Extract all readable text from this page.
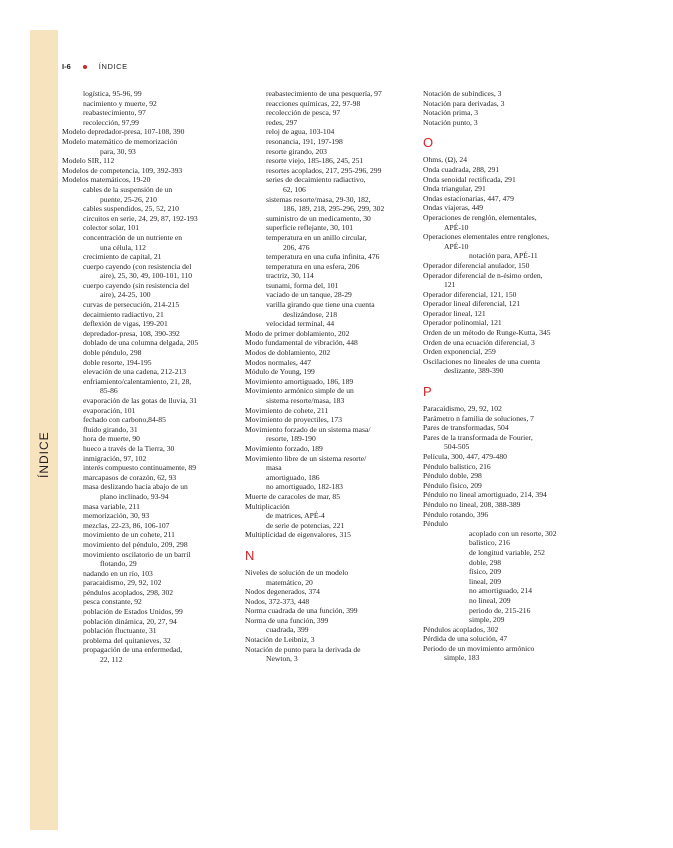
ÍNDICE
I-6	ÍNDICE
logística, 95-96, 99
nacimiento y muerte, 92
reabastecimiento, 97
recolección, 97,99
Modelo depredador-presa, 107-108, 390
Modelo matemático de memorización
para, 30, 93
Modelo SIR, 112
Modelos de competencia, 109, 392-393
Modelos matemáticos, 19-20
cables de la suspensión de un
puente, 25-26, 210
cables suspendidos, 25, 52, 210
circuitos en serie, 24, 29, 87, 192-193
colector solar, 101
concentración de un nutriente en
una célula, 112
crecimiento de capital, 21
cuerpo cayendo (con resistencia del
aire), 25, 30, 49, 100-101, 110
cuerpo cayendo (sin resistencia del
aire), 24-25, 100
curvas de persecución, 214-215
decaimiento radiactivo, 21
deflexión de vigas, 199-201
depredador-presa, 108, 390-392
doblado de una columna delgada, 205
doble péndulo, 298
doble resorte, 194-195
elevación de una cadena, 212-213
enfriamiento/calentamiento, 21, 28,
85-86
evaporación de las gotas de lluvia, 31
evaporación, 101
fechado con carbono,84-85
fluido girando, 31
hora de muerte, 90
hueco a través de la Tierra, 30
inmigración, 97, 102
interés compuesto continuamente, 89
marcapasos de corazón, 62, 93
masa deslizando hacia abajo de un
plano inclinado, 93-94
masa variable, 211
memorización, 30, 93
mezclas, 22-23, 86, 106-107
movimiento de un cohete, 211
movimiento del péndulo, 209, 298
movimiento oscilatorio de un barril
flotando, 29
nadando en un río, 103
paracaidismo, 29, 92, 102
péndulos acoplados, 298, 302
pesca constante, 92
población de Estados Unidos, 99
población dinámica, 20, 27, 94
población fluctuante, 31
problema del quitanieves, 32
propagación de una enfermedad,
22, 112
reabastecimiento de una pesquería, 97
reacciones químicas, 22, 97-98
recolección de pesca, 97
redes, 297
reloj de agua, 103-104
resonancia, 191, 197-198
resorte girando, 203
resorte viejo, 185-186, 245, 251
resortes acoplados, 217, 295-296, 299
series de decaimiento radiactivo,
62, 106
sistemas resorte/masa, 29-30, 182,
186, 189, 218, 295-296, 299, 302
suministro de un medicamento, 30
superficie reflejante, 30, 101
temperatura en un anillo circular,
206, 476
temperatura en una cuña infinita, 476
temperatura en una esfera, 206
tractriz, 30, 114
tsunami, forma del, 101
vaciado de un tanque, 28-29
varilla girando que tiene una cuenta
deslizándose, 218
velocidad terminal, 44
Modo de primer doblamiento, 202
Modo fundamental de vibración, 448
Modos de doblamiento, 202
Modos normales, 447
Módulo de Young, 199
Movimiento amortiguado, 186, 189
Movimiento armónico simple de un
sistema resorte/masa, 183
Movimiento de cohete, 211
Movimiento de proyectiles, 173
Movimiento forzado de un sistema masa/
resorte, 189-190
Movimiento forzado, 189
Movimiento libre de un sistema resorte/
masa
amortiguado, 186
no amortiguado, 182-183
Muerte de caracoles de mar, 85
Multiplicación
de matrices, APÉ-4
de serie de potencias, 221
Multiplicidad de eigenvalores, 315
N
Niveles de solución de un modelo
matemático, 20
Nodos degenerados, 374
Nodos, 372-373, 448
Norma cuadrada de una función, 399
Norma de una función, 399
cuadrada, 399
Notación de Leibniz, 3
Notación de punto para la derivada de
Newton, 3
Notación de subíndices, 3
Notación para derivadas, 3
Notación prima, 3
Notación punto, 3
O
Ohms, (Ω), 24
Onda cuadrada, 288, 291
Onda senoidal rectificada, 291
Onda triangular, 291
Ondas estacionarias, 447, 479
Ondas viajeras, 449
Operaciones de renglón, elementales,
APÉ-10
Operaciones elementales entre renglones,
APÉ-10
notación para, APÉ-11
Operador diferencial anulador, 150
Operador diferencial de n-ésimo orden,
121
Operador diferencial, 121, 150
Operador lineal diferencial, 121
Operador lineal, 121
Operador polinomial, 121
Orden de un método de Runge-Kutta, 345
Orden de una ecuación diferencial, 3
Orden exponencial, 259
Oscilaciones no lineales de una cuenta
deslizante, 389-390
P
Paracaidismo, 29, 92, 102
Parámetro n familia de soluciones, 7
Pares de transformadas, 504
Pares de la transformada de Fourier,
504-505
Película, 300, 447, 479-480
Péndulo balístico, 216
Péndulo doble, 298
Péndulo físico, 209
Péndulo no lineal amortiguado, 214, 394
Péndulo no lineal, 208, 388-389
Péndulo rotando, 396
Péndulo
acoplado con un resorte, 302
balístico, 216
de longitud variable, 252
doble, 298
físico, 209
lineal, 209
no amortiguado, 214
no lineal, 209
periodo de, 215-216
simple, 209
Péndulos acoplados, 302
Pérdida de una solución, 47
Periodo de un movimiento armónico
simple, 183
